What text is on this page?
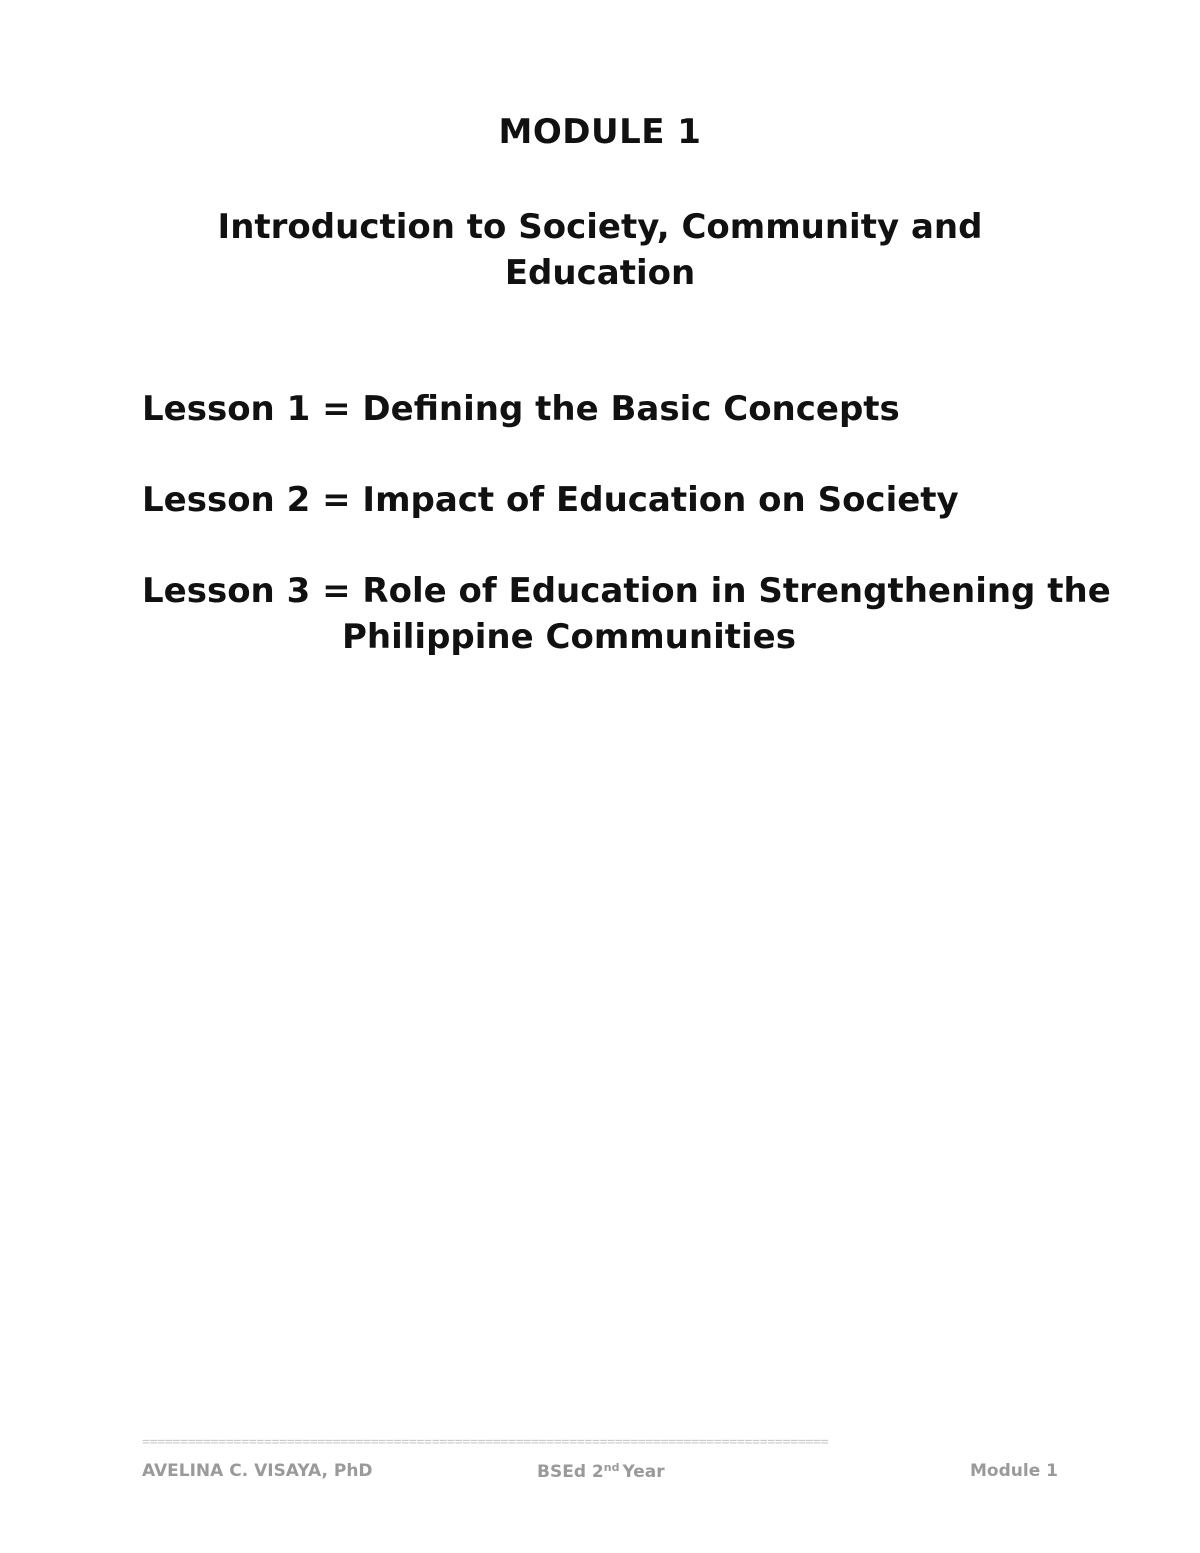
MODULE 1
Introduction to Society, Community and
Education
Lesson 1 = Defining the Basic Concepts
Lesson 2 = Impact of Education on Society
Lesson 3 = Role of Education in Strengthening the
Philippine Communities
==========================================================================================
AVELINA C. VISAYA, PhD	BSEd 2nd Year	Module 1
